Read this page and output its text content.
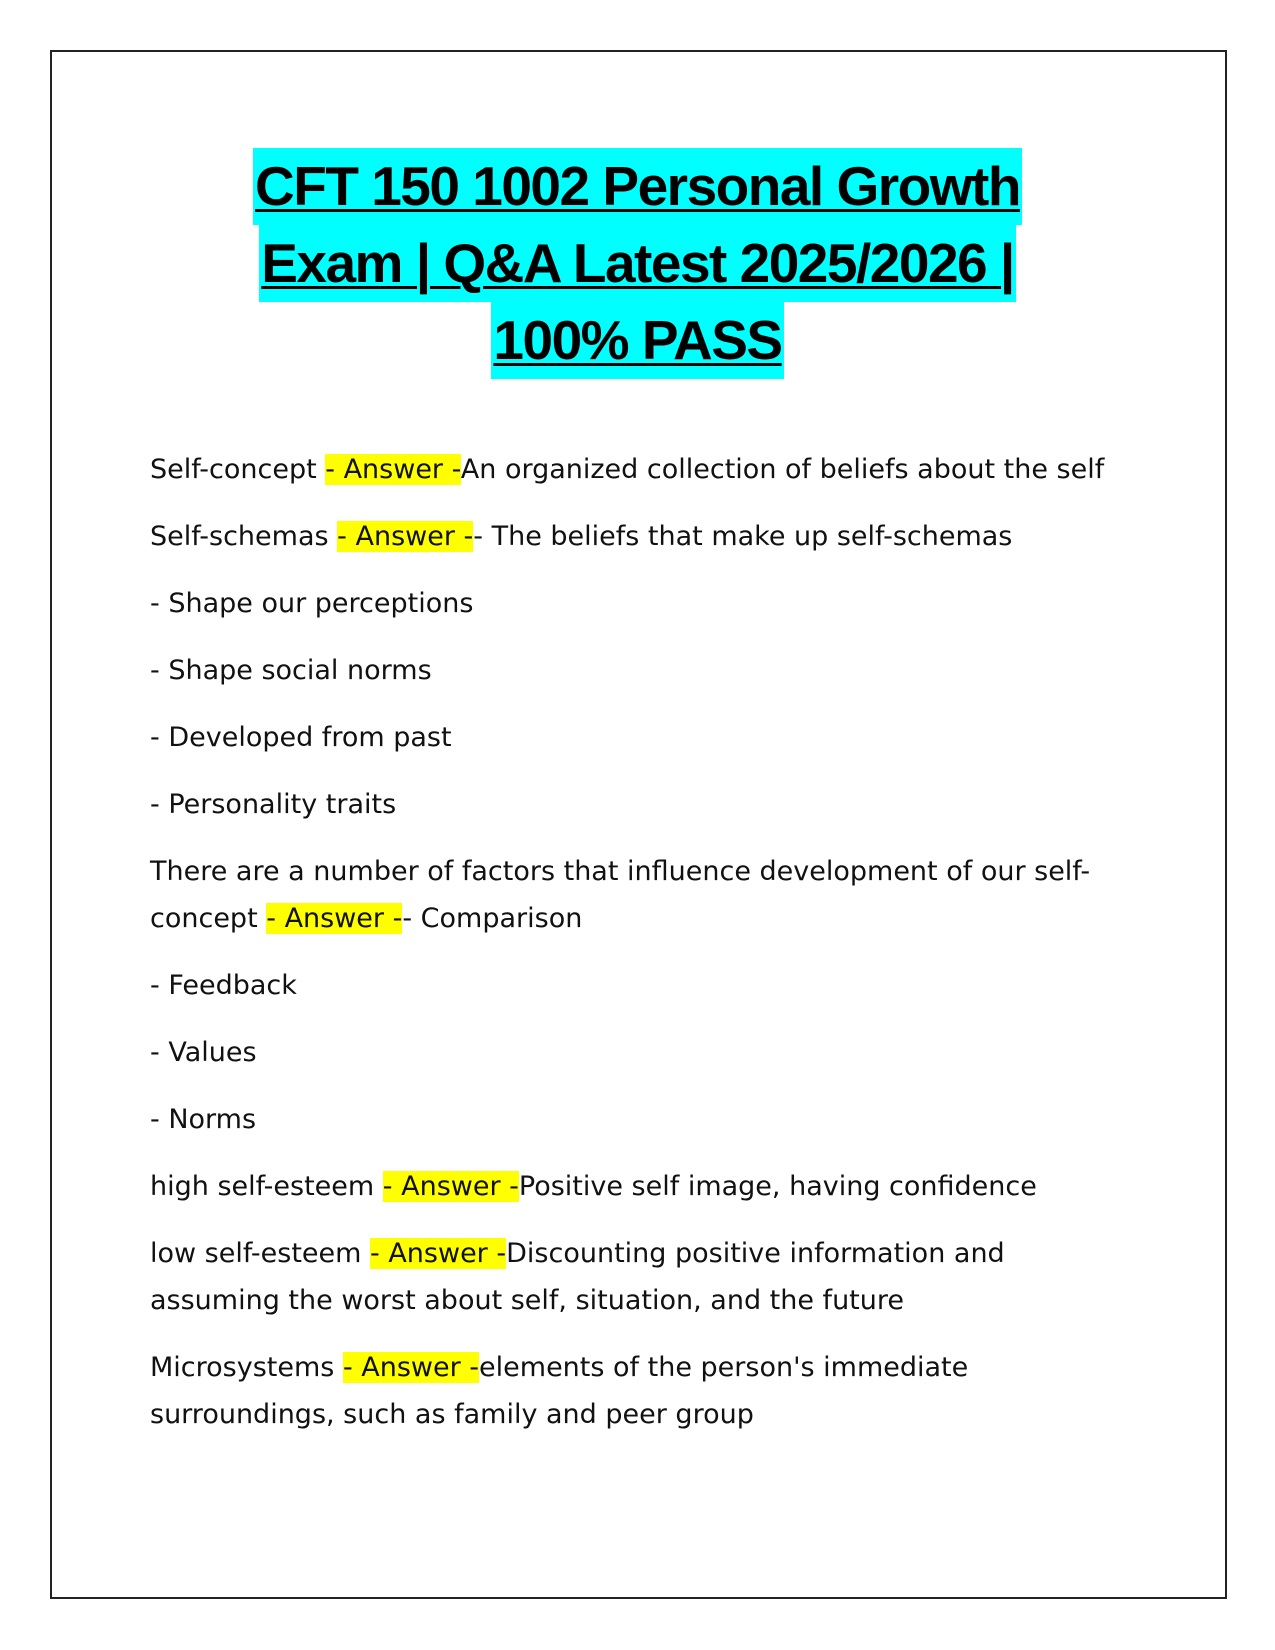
CFT 150 1002 Personal Growth
Exam | Q&A Latest 2025/2026 |
100% PASS
Self-concept - Answer -An organized collection of beliefs about the self
Self-schemas - Answer -- The beliefs that make up self-schemas
- Shape our perceptions
- Shape social norms
- Developed from past
- Personality traits
There are a number of factors that influence development of our self-concept - Answer -- Comparison
- Feedback
- Values
- Norms
high self-esteem - Answer -Positive self image, having confidence
low self-esteem - Answer -Discounting positive information and assuming the worst about self, situation, and the future
Microsystems - Answer -elements of the person's immediate surroundings, such as family and peer group
